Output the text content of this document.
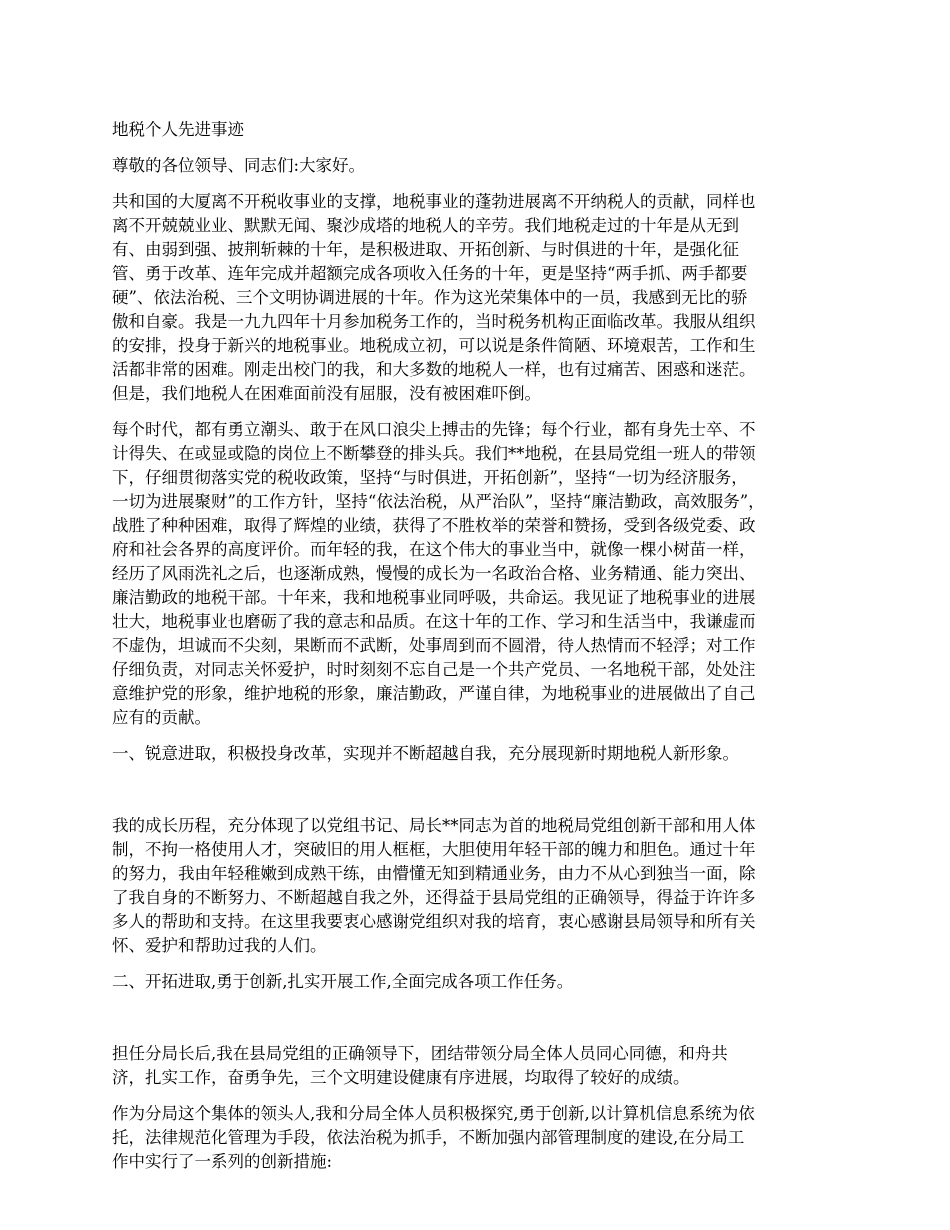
地税个人先进事迹

尊敬的各位领导、同志们:大家好。

共和国的大厦离不开税收事业的支撑，地税事业的蓬勃进展离不开纳税人的贡献，同样也
离不开兢兢业业、默默无闻、聚沙成塔的地税人的辛劳。我们地税走过的十年是从无到
有、由弱到强、披荆斩棘的十年，是积极进取、开拓创新、与时俱进的十年，是强化征
管、勇于改革、连年完成并超额完成各项收入任务的十年，更是坚持“两手抓、两手都要
硬”、依法治税、三个文明协调进展的十年。作为这光荣集体中的一员，我感到无比的骄
傲和自豪。我是一九九四年十月参加税务工作的，当时税务机构正面临改革。我服从组织
的安排，投身于新兴的地税事业。地税成立初，可以说是条件简陋、环境艰苦，工作和生
活都非常的困难。刚走出校门的我，和大多数的地税人一样，也有过痛苦、困惑和迷茫。
但是，我们地税人在困难面前没有屈服，没有被困难吓倒。

每个时代，都有勇立潮头、敢于在风口浪尖上搏击的先锋；每个行业，都有身先士卒、不
计得失、在或显或隐的岗位上不断攀登的排头兵。我们**地税，在县局党组一班人的带领
下，仔细贯彻落实党的税收政策，坚持“与时俱进，开拓创新”，坚持“一切为经济服务，
一切为进展聚财”的工作方针，坚持“依法治税，从严治队”，坚持“廉洁勤政，高效服务”，
战胜了种种困难，取得了辉煌的业绩，获得了不胜枚举的荣誉和赞扬，受到各级党委、政
府和社会各界的高度评价。而年轻的我，在这个伟大的事业当中，就像一棵小树苗一样，
经历了风雨洗礼之后，也逐渐成熟，慢慢的成长为一名政治合格、业务精通、能力突出、
廉洁勤政的地税干部。十年来，我和地税事业同呼吸，共命运。我见证了地税事业的进展
壮大，地税事业也磨砺了我的意志和品质。在这十年的工作、学习和生活当中，我谦虚而
不虚伪，坦诚而不尖刻，果断而不武断，处事周到而不圆滑，待人热情而不轻浮；对工作
仔细负责，对同志关怀爱护，时时刻刻不忘自己是一个共产党员、一名地税干部，处处注
意维护党的形象，维护地税的形象，廉洁勤政，严谨自律，为地税事业的进展做出了自己
应有的贡献。

一、锐意进取，积极投身改革，实现并不断超越自我，充分展现新时期地税人新形象。

我的成长历程，充分体现了以党组书记、局长**同志为首的地税局党组创新干部和用人体
制，不拘一格使用人才，突破旧的用人框框，大胆使用年轻干部的魄力和胆色。通过十年
的努力，我由年轻稚嫩到成熟干练，由懵懂无知到精通业务，由力不从心到独当一面，除
了我自身的不断努力、不断超越自我之外，还得益于县局党组的正确领导，得益于许许多
多人的帮助和支持。在这里我要衷心感谢党组织对我的培育，衷心感谢县局领导和所有关
怀、爱护和帮助过我的人们。

二、开拓进取,勇于创新,扎实开展工作,全面完成各项工作任务。

担任分局长后,我在县局党组的正确领导下，团结带领分局全体人员同心同德，和舟共
济，扎实工作，奋勇争先，三个文明建设健康有序进展，均取得了较好的成绩。

作为分局这个集体的领头人,我和分局全体人员积极探究,勇于创新,以计算机信息系统为依
托，法律规范化管理为手段，依法治税为抓手，不断加强内部管理制度的建设,在分局工
作中实行了一系列的创新措施:
